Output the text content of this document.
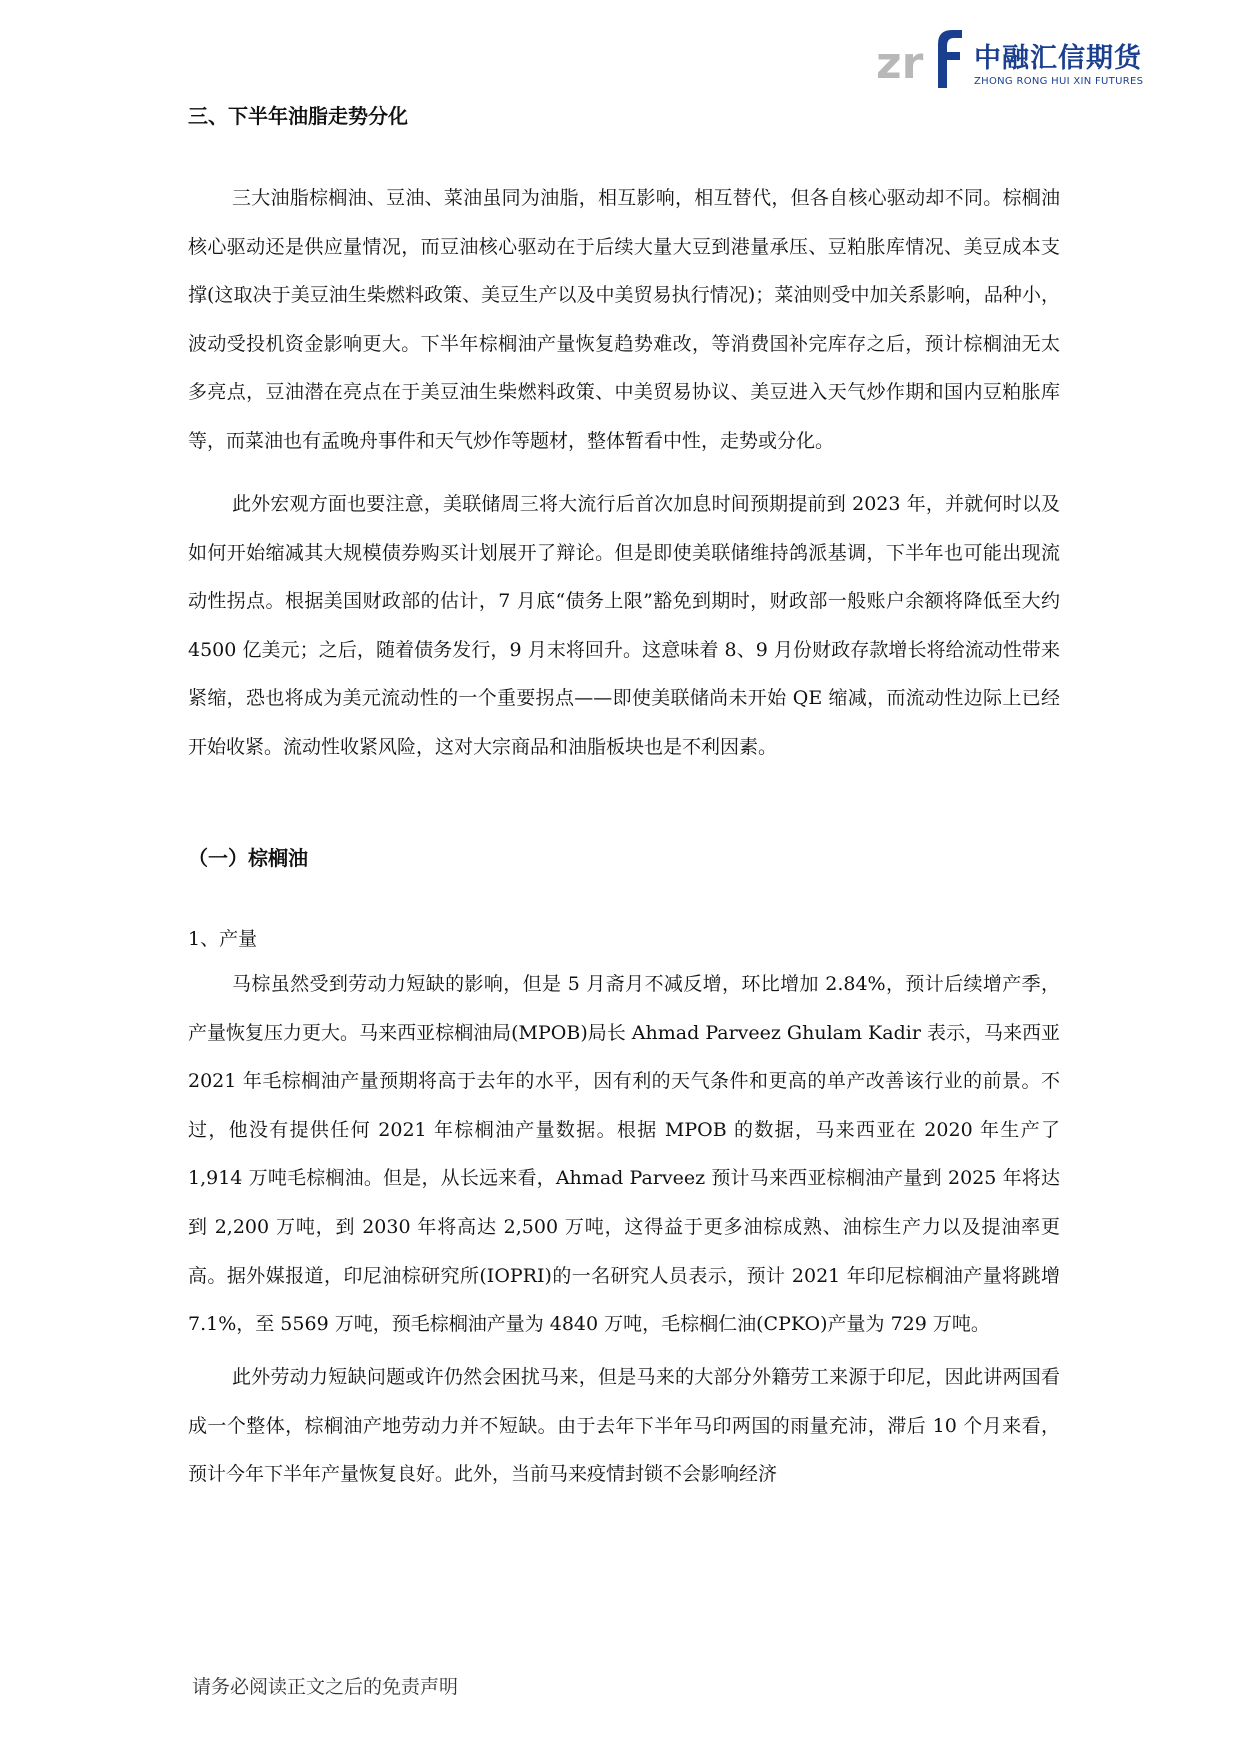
zr 中融汇信期货
ZHONG RONG HUI XIN FUTURES
三、下半年油脂走势分化

三大油脂棕榈油、豆油、菜油虽同为油脂，相互影响，相互替代，但各自核心驱动却不同。棕榈油核心驱动还是供应量情况，而豆油核心驱动在于后续大量大豆到港量承压、豆粕胀库情况、美豆成本支撑(这取决于美豆油生柴燃料政策、美豆生产以及中美贸易执行情况)；菜油则受中加关系影响，品种小，波动受投机资金影响更大。下半年棕榈油产量恢复趋势难改，等消费国补完库存之后，预计棕榈油无太多亮点，豆油潜在亮点在于美豆油生柴燃料政策、中美贸易协议、美豆进入天气炒作期和国内豆粕胀库等，而菜油也有孟晚舟事件和天气炒作等题材，整体暂看中性，走势或分化。

此外宏观方面也要注意，美联储周三将大流行后首次加息时间预期提前到 2023 年，并就何时以及如何开始缩减其大规模债券购买计划展开了辩论。但是即使美联储维持鸽派基调，下半年也可能出现流动性拐点。根据美国财政部的估计，7 月底“债务上限”豁免到期时，财政部一般账户余额将降低至大约 4500 亿美元；之后，随着债务发行，9 月末将回升。这意味着 8、9 月份财政存款增长将给流动性带来紧缩，恐也将成为美元流动性的一个重要拐点——即使美联储尚未开始 QE 缩减，而流动性边际上已经开始收紧。流动性收紧风险，这对大宗商品和油脂板块也是不利因素。

（一）棕榈油
1、产量

马棕虽然受到劳动力短缺的影响，但是 5 月斋月不减反增，环比增加 2.84%，预计后续增产季，产量恢复压力更大。马来西亚棕榈油局(MPOB)局长 Ahmad Parveez Ghulam Kadir 表示，马来西亚 2021 年毛棕榈油产量预期将高于去年的水平，因有利的天气条件和更高的单产改善该行业的前景。不过，他没有提供任何 2021 年棕榈油产量数据。根据 MPOB 的数据，马来西亚在 2020 年生产了 1,914 万吨毛棕榈油。但是，从长远来看，Ahmad Parveez 预计马来西亚棕榈油产量到 2025 年将达到 2,200 万吨，到 2030 年将高达 2,500 万吨，这得益于更多油棕成熟、油棕生产力以及提油率更高。据外媒报道，印尼油棕研究所(IOPRI)的一名研究人员表示，预计 2021 年印尼棕榈油产量将跳增 7.1%，至 5569 万吨，预毛棕榈油产量为 4840 万吨，毛棕榈仁油(CPKO)产量为 729 万吨。

此外劳动力短缺问题或许仍然会困扰马来，但是马来的大部分外籍劳工来源于印尼，因此讲两国看成一个整体，棕榈油产地劳动力并不短缺。由于去年下半年马印两国的雨量充沛，滞后 10 个月来看，预计今年下半年产量恢复良好。此外，当前马来疫情封锁不会影响经济

请务必阅读正文之后的免责声明
